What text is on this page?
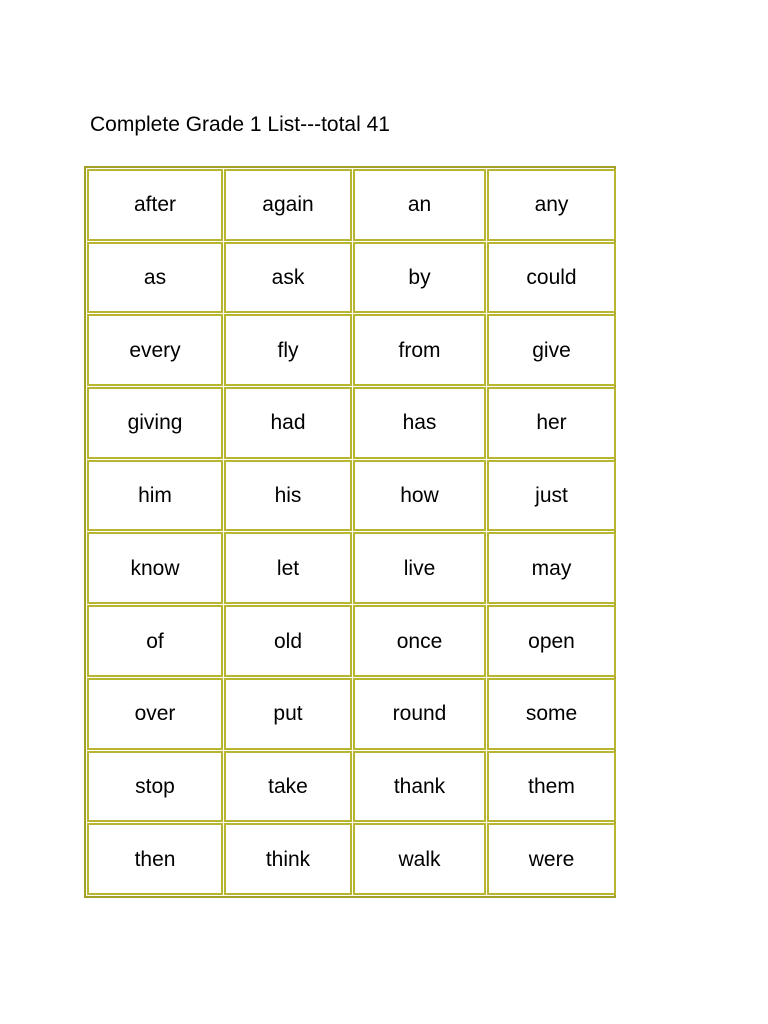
Complete Grade 1 List---total 41
after	again	an	any
as	ask	by	could
every	fly	from	give
giving	had	has	her
him	his	how	just
know	let	live	may
of	old	once	open
over	put	round	some
stop	take	thank	them
then	think	walk	were
